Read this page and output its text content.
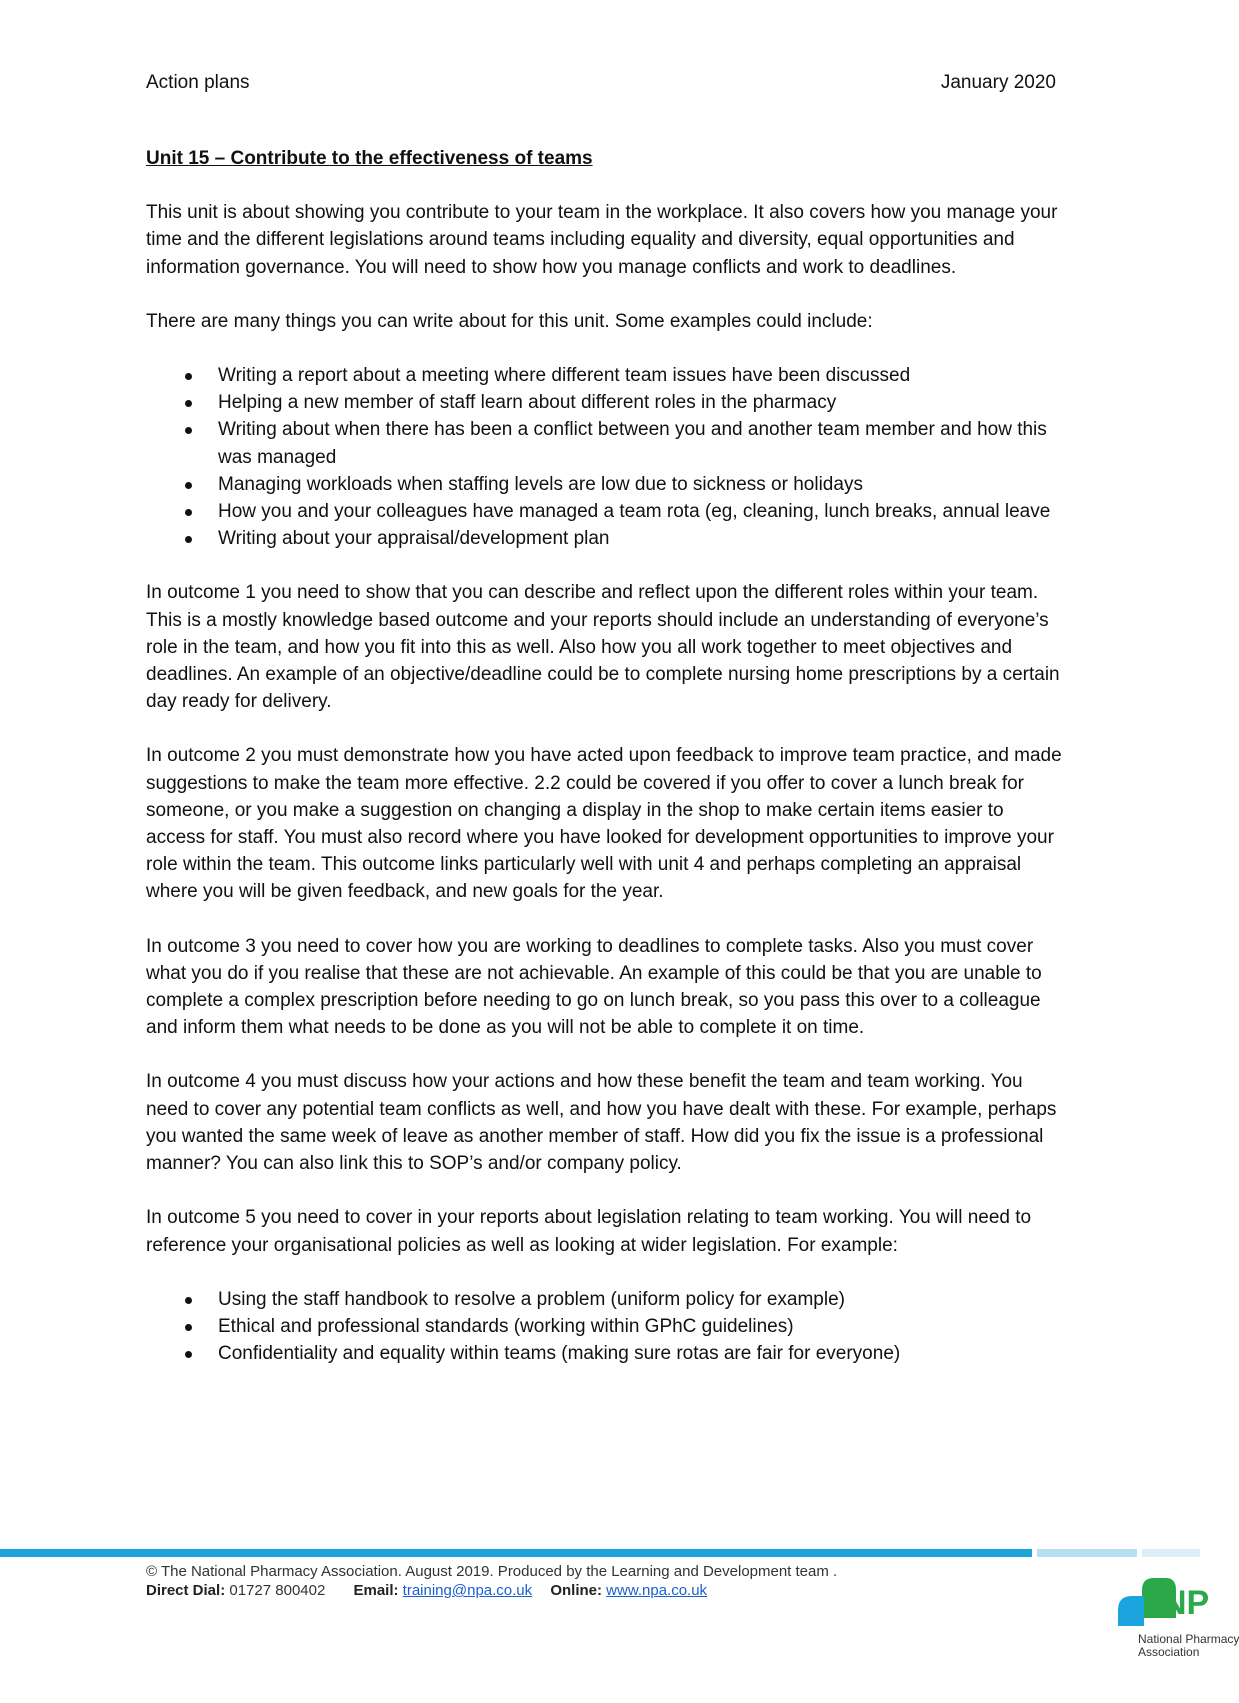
Action plans	January 2020

Unit 15 – Contribute to the effectiveness of teams

This unit is about showing you contribute to your team in the workplace. It also covers how you manage your time and the different legislations around teams including equality and diversity, equal opportunities and information governance. You will need to show how you manage conflicts and work to deadlines.

There are many things you can write about for this unit. Some examples could include:

Writing a report about a meeting where different team issues have been discussed
Helping a new member of staff learn about different roles in the pharmacy
Writing about when there has been a conflict between you and another team member and how this was managed
Managing workloads when staffing levels are low due to sickness or holidays
How you and your colleagues have managed a team rota (eg, cleaning, lunch breaks, annual leave
Writing about your appraisal/development plan

In outcome 1 you need to show that you can describe and reflect upon the different roles within your team. This is a mostly knowledge based outcome and your reports should include an understanding of everyone’s role in the team, and how you fit into this as well. Also how you all work together to meet objectives and deadlines. An example of an objective/deadline could be to complete nursing home prescriptions by a certain day ready for delivery.

In outcome 2 you must demonstrate how you have acted upon feedback to improve team practice, and made suggestions to make the team more effective. 2.2 could be covered if you offer to cover a lunch break for someone, or you make a suggestion on changing a display in the shop to make certain items easier to access for staff. You must also record where you have looked for development opportunities to improve your role within the team. This outcome links particularly well with unit 4 and perhaps completing an appraisal where you will be given feedback, and new goals for the year.

In outcome 3 you need to cover how you are working to deadlines to complete tasks. Also you must cover what you do if you realise that these are not achievable. An example of this could be that you are unable to complete a complex prescription before needing to go on lunch break, so you pass this over to a colleague and inform them what needs to be done as you will not be able to complete it on time.

In outcome 4 you must discuss how your actions and how these benefit the team and team working. You need to cover any potential team conflicts as well, and how you have dealt with these. For example, perhaps you wanted the same week of leave as another member of staff. How did you fix the issue is a professional manner? You can also link this to SOP’s and/or company policy.

In outcome 5 you need to cover in your reports about legislation relating to team working. You will need to reference your organisational policies as well as looking at wider legislation. For example:

Using the staff handbook to resolve a problem (uniform policy for example)
Ethical and professional standards (working within GPhC guidelines)
Confidentiality and equality within teams (making sure rotas are fair for everyone)
© The National Pharmacy Association. August 2019. Produced by the Learning and Development team .
Direct Dial: 01727 800402 Email: training@npa.co.uk Online: www.npa.co.uk	NP
National Pharmacy
Association
